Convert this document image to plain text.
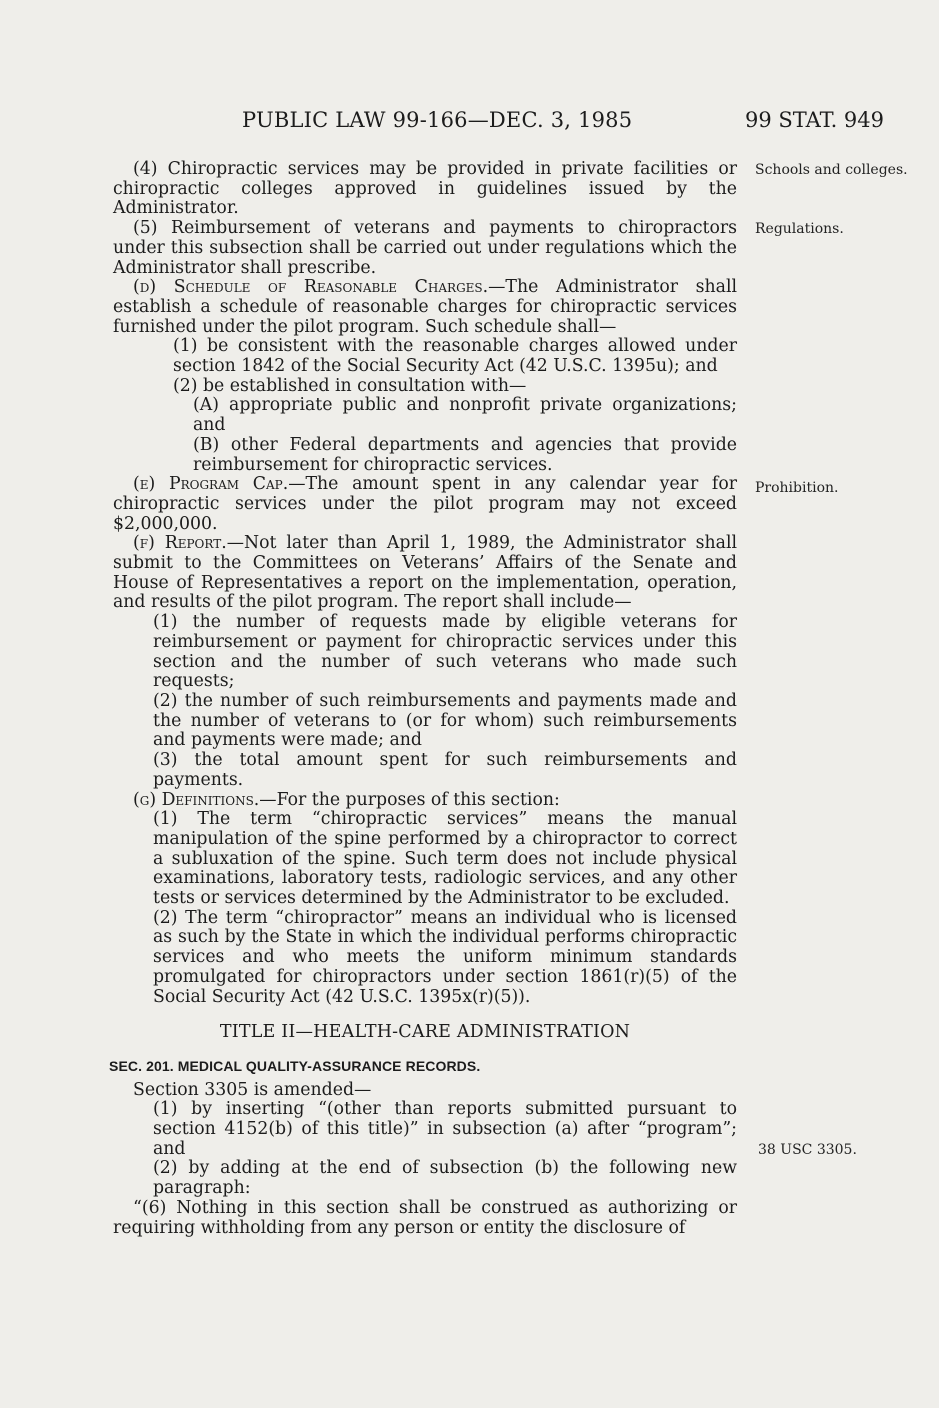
PUBLIC LAW 99-166—DEC. 3, 1985	99 STAT. 949
Schools and colleges.
Regulations.
Prohibition.
38 USC 3305.

(4) Chiropractic services may be provided in private facilities or chiropractic colleges approved in guidelines issued by the Administrator.

(5) Reimbursement of veterans and payments to chiropractors under this subsection shall be carried out under regulations which the Administrator shall prescribe.

(d) Schedule of Reasonable Charges.—The Administrator shall establish a schedule of reasonable charges for chiropractic services furnished under the pilot program. Such schedule shall—

(1) be consistent with the reasonable charges allowed under section 1842 of the Social Security Act (42 U.S.C. 1395u); and

(2) be established in consultation with—

(A) appropriate public and nonprofit private organizations; and

(B) other Federal departments and agencies that provide reimbursement for chiropractic services.

(e) Program Cap.—The amount spent in any calendar year for chiropractic services under the pilot program may not exceed $2,000,000.

(f) Report.—Not later than April 1, 1989, the Administrator shall submit to the Committees on Veterans’ Affairs of the Senate and House of Representatives a report on the implementation, operation, and results of the pilot program. The report shall include—

(1) the number of requests made by eligible veterans for reimbursement or payment for chiropractic services under this section and the number of such veterans who made such requests;

(2) the number of such reimbursements and payments made and the number of veterans to (or for whom) such reimbursements and payments were made; and

(3) the total amount spent for such reimbursements and payments.

(g) Definitions.—For the purposes of this section:

(1) The term “chiropractic services” means the manual manipulation of the spine performed by a chiropractor to correct a subluxation of the spine. Such term does not include physical examinations, laboratory tests, radiologic services, and any other tests or services determined by the Administrator to be excluded.

(2) The term “chiropractor” means an individual who is licensed as such by the State in which the individual performs chiropractic services and who meets the uniform minimum standards promulgated for chiropractors under section 1861(r)(5) of the Social Security Act (42 U.S.C. 1395x(r)(5)).

TITLE II—HEALTH-CARE ADMINISTRATION

SEC. 201. MEDICAL QUALITY-ASSURANCE RECORDS.

Section 3305 is amended—

(1) by inserting “(other than reports submitted pursuant to section 4152(b) of this title)” in subsection (a) after “program”; and

(2) by adding at the end of subsection (b) the following new paragraph:

“(6) Nothing in this section shall be construed as authorizing or requiring withholding from any person or entity the disclosure of
